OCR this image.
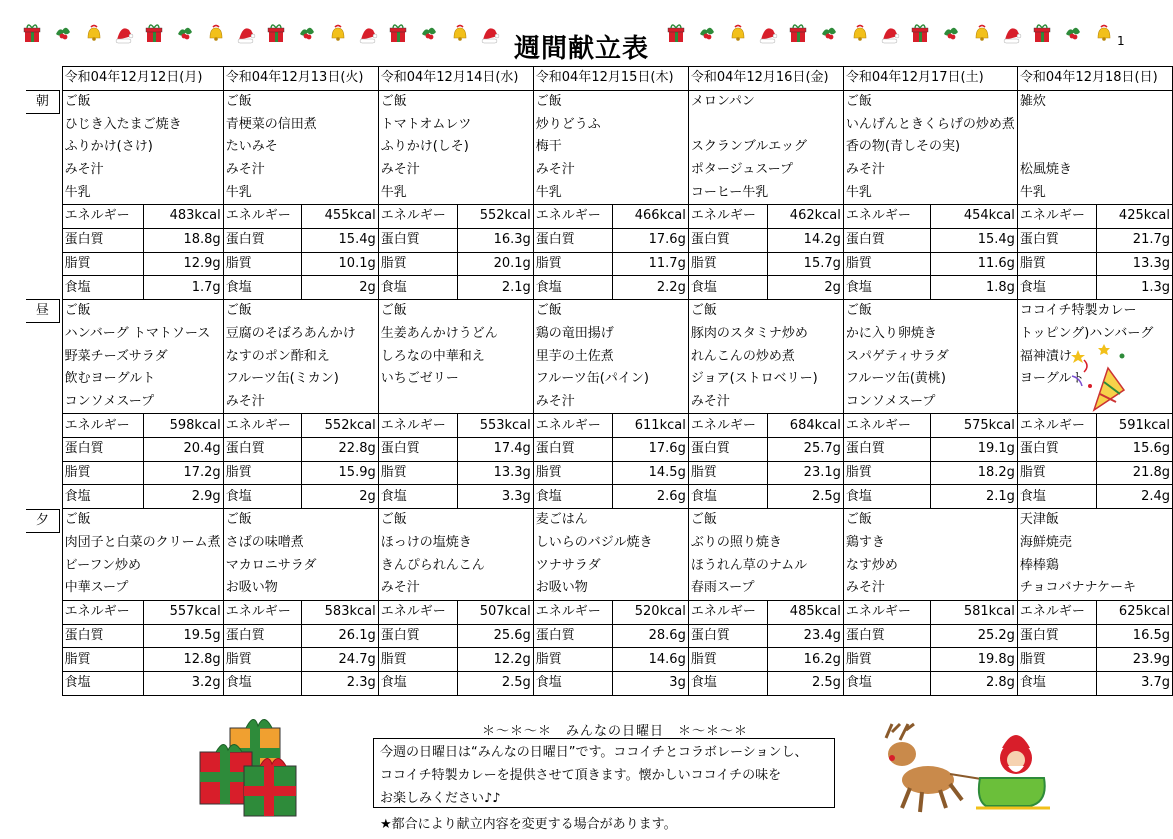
週間献立表	1
	令和04年12月12日(月)		令和04年12月13日(火)		令和04年12月14日(水)		令和04年12月15日(木)		令和04年12月16日(金)		令和04年12月17日(土)		令和04年12月18日(日)	

朝	ご飯		ご飯		ご飯		ご飯		メロンパン		ご飯		雑炊	
	ひじき入たまご焼き		青梗菜の信田煮		トマトオムレツ		炒りどうふ				いんげんときくらげの炒め煮			
	ふりかけ(さけ)		たいみそ		ふりかけ(しそ)		梅干		スクランブルエッグ		香の物(青しその実)			
	みそ汁		みそ汁		みそ汁		みそ汁		ポタージュスープ		みそ汁		松風焼き	
	牛乳		牛乳		牛乳		牛乳		コーヒー牛乳		牛乳		牛乳	
	エネルギー	483kcal	エネルギー	455kcal	エネルギー	552kcal	エネルギー	466kcal	エネルギー	462kcal	エネルギー	454kcal	エネルギー	425kcal
	蛋白質	18.8g	蛋白質	15.4g	蛋白質	16.3g	蛋白質	17.6g	蛋白質	14.2g	蛋白質	15.4g	蛋白質	21.7g
	脂質	12.9g	脂質	10.1g	脂質	20.1g	脂質	11.7g	脂質	15.7g	脂質	11.6g	脂質	13.3g
	食塩	1.7g	食塩	2g	食塩	2.1g	食塩	2.2g	食塩	2g	食塩	1.8g	食塩	1.3g

昼	ご飯		ご飯		ご飯		ご飯		ご飯		ご飯		ココイチ特製カレー	
	ハンバーグ トマトソース		豆腐のそぼろあんかけ		生姜あんかけうどん		鶏の竜田揚げ		豚肉のスタミナ炒め		かに入り卵焼き		トッピング)ハンバーグ	
	野菜チーズサラダ		なすのポン酢和え		しろなの中華和え		里芋の土佐煮		れんこんの炒め煮		スパゲティサラダ		福神漬け	
	飲むヨーグルト		フルーツ缶(ミカン)		いちごゼリー		フルーツ缶(パイン)		ジョア(ストロベリー)		フルーツ缶(黄桃)		ヨーグルト	
	コンソメスープ		みそ汁				みそ汁		みそ汁		コンソメスープ			
	エネルギー	598kcal	エネルギー	552kcal	エネルギー	553kcal	エネルギー	611kcal	エネルギー	684kcal	エネルギー	575kcal	エネルギー	591kcal
	蛋白質	20.4g	蛋白質	22.8g	蛋白質	17.4g	蛋白質	17.6g	蛋白質	25.7g	蛋白質	19.1g	蛋白質	15.6g
	脂質	17.2g	脂質	15.9g	脂質	13.3g	脂質	14.5g	脂質	23.1g	脂質	18.2g	脂質	21.8g
	食塩	2.9g	食塩	2g	食塩	3.3g	食塩	2.6g	食塩	2.5g	食塩	2.1g	食塩	2.4g

夕	ご飯		ご飯		ご飯		麦ごはん		ご飯		ご飯		天津飯	
	肉団子と白菜のクリーム煮		さばの味噌煮		ほっけの塩焼き		しいらのバジル焼き		ぶりの照り焼き		鶏すき		海鮮焼売	
	ビーフン炒め		マカロニサラダ		きんぴられんこん		ツナサラダ		ほうれん草のナムル		なす炒め		棒棒鶏	
	中華スープ		お吸い物		みそ汁		お吸い物		春雨スープ		みそ汁		チョコバナナケーキ	
	エネルギー	557kcal	エネルギー	583kcal	エネルギー	507kcal	エネルギー	520kcal	エネルギー	485kcal	エネルギー	581kcal	エネルギー	625kcal
	蛋白質	19.5g	蛋白質	26.1g	蛋白質	25.6g	蛋白質	28.6g	蛋白質	23.4g	蛋白質	25.2g	蛋白質	16.5g
	脂質	12.8g	脂質	24.7g	脂質	12.2g	脂質	14.6g	脂質	16.2g	脂質	19.8g	脂質	23.9g
	食塩	3.2g	食塩	2.3g	食塩	2.5g	食塩	3g	食塩	2.5g	食塩	2.8g	食塩	3.7g
＊～＊～＊　みんなの日曜日　＊～＊～＊
今週の日曜日は“みんなの日曜日”です。ココイチとコラボレーションし、
ココイチ特製カレーを提供させて頂きます。懐かしいココイチの味を
お楽しみください♪♪
★都合により献立内容を変更する場合があります。
